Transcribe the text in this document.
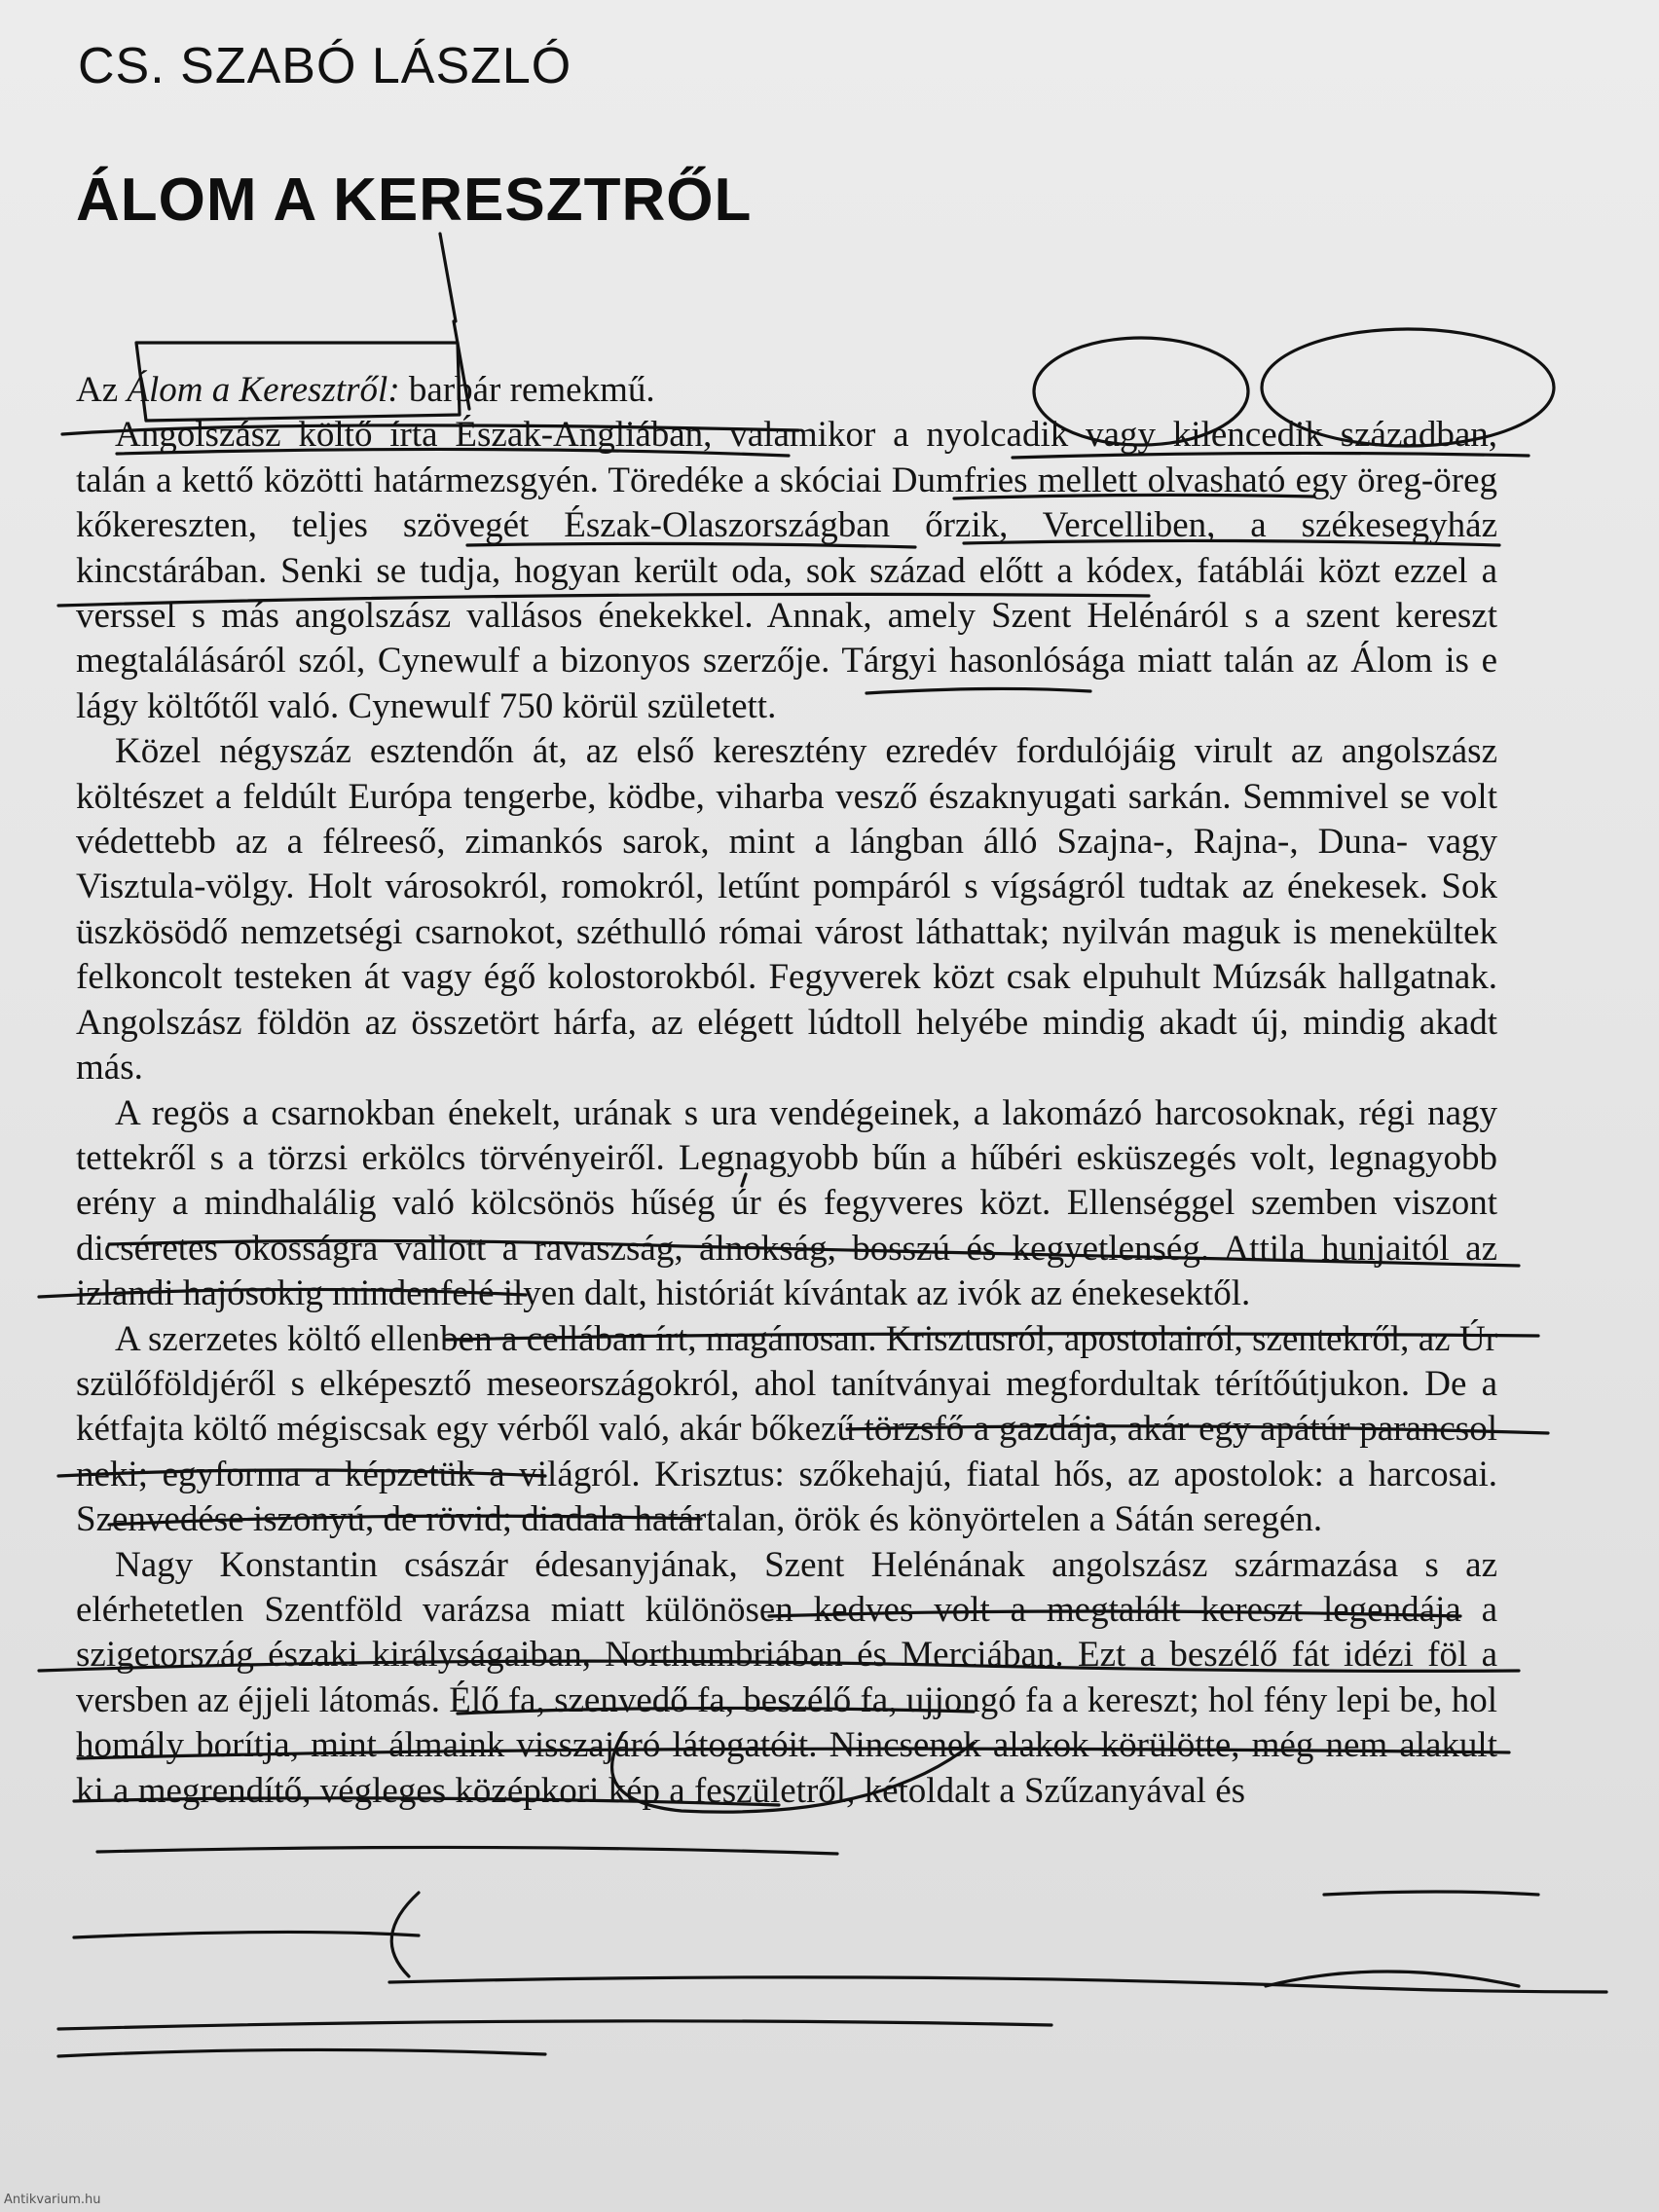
CS. SZABÓ LÁSZLÓ
ÁLOM A KERESZTRŐL

Az Álom a Keresztről: barbár remekmű.

Angolszász költő írta Észak-Angliában, valamikor a nyolcadik vagy kilencedik században, talán a kettő közötti határmezsgyén. Töredéke a skóciai Dumfries mellett olvasható egy öreg-öreg kőkereszten, teljes szövegét Észak-Olaszországban őrzik, Vercelliben, a székesegyház kincstárában. Senki se tudja, hogyan került oda, sok század előtt a kódex, fatáblái közt ezzel a verssel s más angolszász vallásos énekekkel. Annak, amely Szent Helénáról s a szent kereszt megtalálásáról szól, Cynewulf a bizonyos szerzője. Tárgyi hasonlósága miatt talán az Álom is e lágy költőtől való. Cynewulf 750 körül született.

Közel négyszáz esztendőn át, az első keresztény ezredév fordulójáig virult az angolszász költészet a feldúlt Európa tengerbe, ködbe, viharba vesző északnyugati sarkán. Semmivel se volt védettebb az a félreeső, zimankós sarok, mint a lángban álló Szajna-, Rajna-, Duna- vagy Visztula-völgy. Holt városokról, romokról, letűnt pompáról s vígságról tudtak az énekesek. Sok üszkösödő nemzetségi csarnokot, széthulló római várost láthattak; nyilván maguk is menekültek felkoncolt testeken át vagy égő kolostorokból. Fegyverek közt csak elpuhult Múzsák hallgatnak. Angolszász földön az összetört hárfa, az elégett lúdtoll helyébe mindig akadt új, mindig akadt más.

A regös a csarnokban énekelt, urának s ura vendégeinek, a lakomázó harcosoknak, régi nagy tettekről s a törzsi erkölcs törvényeiről. Legnagyobb bűn a hűbéri esküszegés volt, legnagyobb erény a mindhalálig való kölcsönös hűség úr és fegyveres közt. Ellenséggel szemben viszont dicséretes okosságra vallott a ravaszság, álnokság, bosszú és kegyetlenség. Attila hunjaitól az izlandi hajósokig mindenfelé ilyen dalt, históriát kívántak az ivók az énekesektől.

A szerzetes költő ellenben a cellában írt, magánosan. Krisztusról, apostolairól, szentekről, az Úr szülőföldjéről s elképesztő meseországokról, ahol tanítványai megfordultak térítőútjukon. De a kétfajta költő mégiscsak egy vérből való, akár bőkezű törzsfő a gazdája, akár egy apátúr parancsol neki; egyforma a képzetük a világról. Krisztus: szőkehajú, fiatal hős, az apostolok: a harcosai. Szenvedése iszonyú, de rövid; diadala határtalan, örök és könyörtelen a Sátán seregén.

Nagy Konstantin császár édesanyjának, Szent Helénának angolszász származása s az elérhetetlen Szentföld varázsa miatt különösen kedves volt a megtalált kereszt legendája a szigetország északi királyságaiban, Northumbriában és Merciában. Ezt a beszélő fát idézi föl a versben az éjjeli látomás. Élő fa, szenvedő fa, beszélő fa, ujjongó fa a kereszt; hol fény lepi be, hol homály borítja, mint álmaink visszajáró látogatóit. Nincsenek alakok körülötte, még nem alakult ki a megrendítő, végleges középkori kép a feszületről, kétoldalt a Szűzanyával és

Antikvarium.hu
